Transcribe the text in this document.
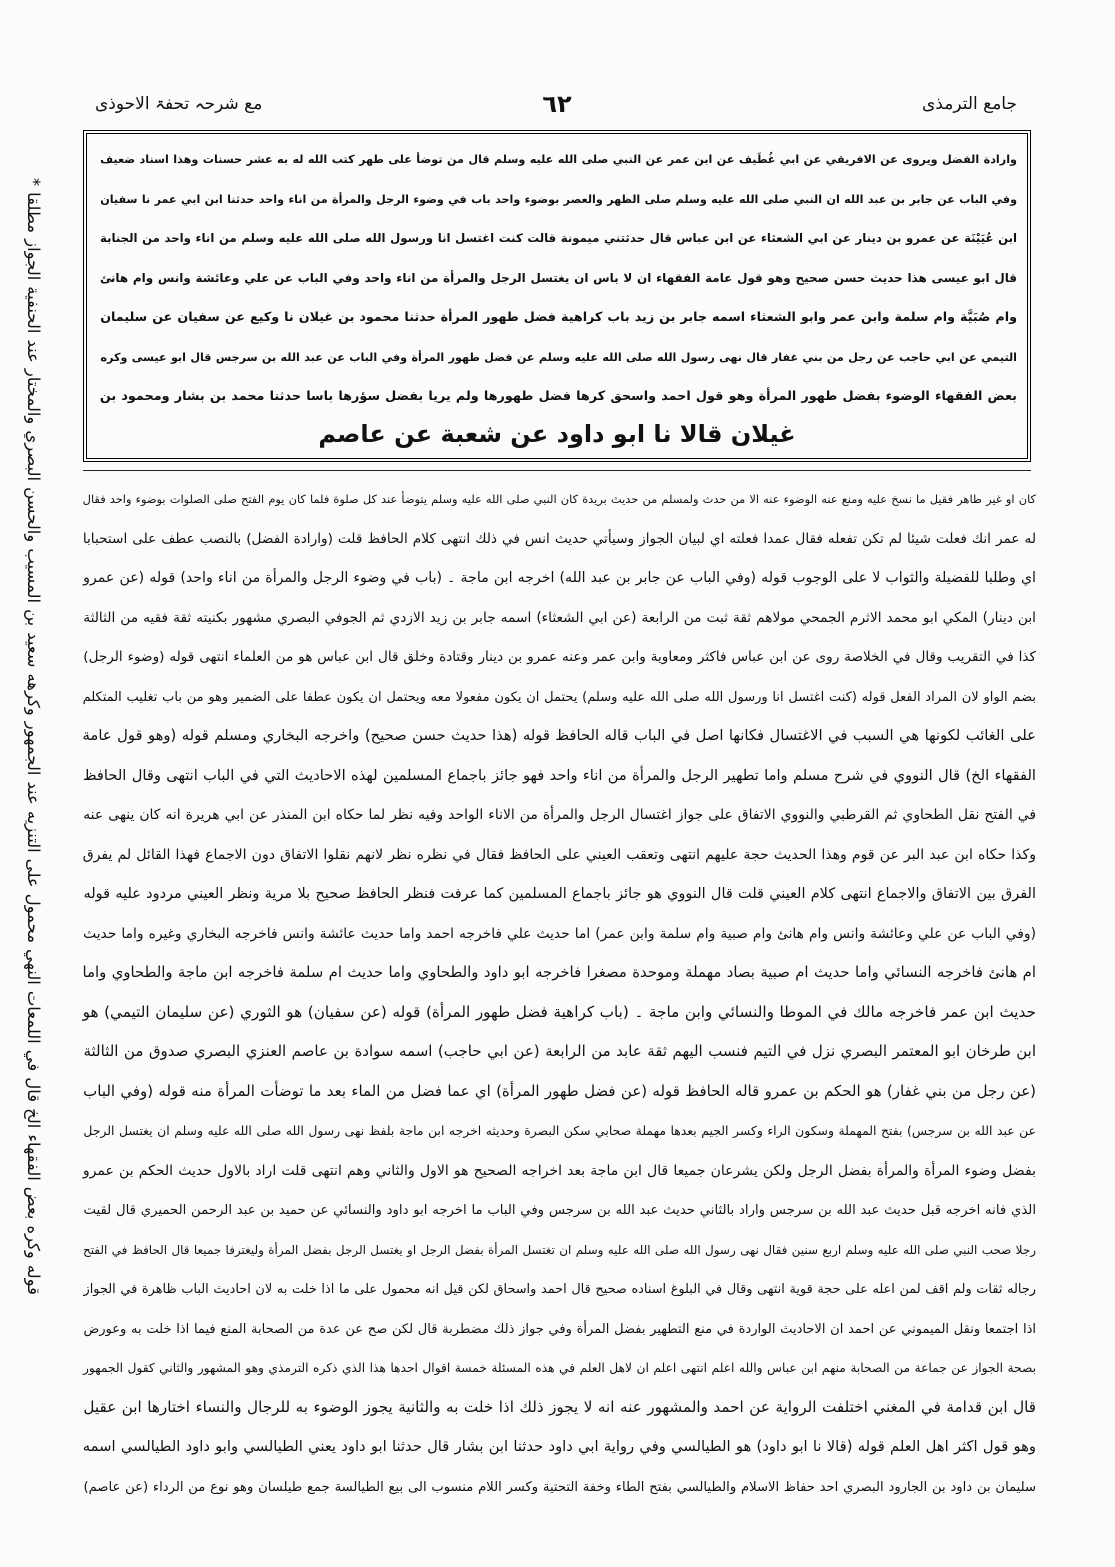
جامع الترمذی
٦٢
مع شرحہ تحفۃ الاحوذی
وارادة الفضل ويروى عن الافريقي عن ابي غُطَيف عن ابن عمر عن النبي صلى الله عليه وسلم قال من توضأ على طهر كتب الله له به عشر حسنات وهذا اسناد ضعيف
وفي الباب عن جابر بن عبد الله ان النبي صلى الله عليه وسلم صلى الظهر والعصر بوضوء واحد باب في وضوء الرجل والمرأة من اناء واحد حدثنا ابن ابي عمر نا سفيان
ابن عُيَيْنَة عن عمرو بن دينار عن ابي الشعثاء عن ابن عباس قال حدثتني ميمونة قالت كنت اغتسل انا ورسول الله صلى الله عليه وسلم من اناء واحد من الجنابة
قال ابو عيسى هذا حديث حسن صحيح وهو قول عامة الفقهاء ان لا باس ان يغتسل الرجل والمرأة من اناء واحد وفي الباب عن علي وعائشة وانس وام هانئ
وام صُبَيَّة وام سلمة وابن عمر وابو الشعثاء اسمه جابر بن زيد باب كراهية فضل طهور المرأة حدثنا محمود بن غيلان نا وكيع عن سفيان عن سليمان
التيمي عن ابي حاجب عن رجل من بني غفار قال نهى رسول الله صلى الله عليه وسلم عن فضل طهور المرأة وفي الباب عن عبد الله بن سرجس قال ابو عيسى وكره
بعض الفقهاء الوضوء بفضل طهور المرأة وهو قول احمد واسحق كرها فضل طهورها ولم يريا بفضل سؤرها باسا حدثنا محمد بن بشار ومحمود بن
غيلان قالا نا ابو داود عن شعبة عن عاصم
كان او غير طاهر فقيل ما نسخ عليه ومنع عنه الوضوء عنه الا من حدث ولمسلم من حديث بريدة كان النبي صلى الله عليه وسلم يتوضأ عند كل صلوة فلما كان يوم الفتح صلى الصلوات بوضوء واحد فقال
له عمر انك فعلت شيئا لم تكن تفعله فقال عمدا فعلته اي لبيان الجواز وسيأتي حديث انس في ذلك انتهى كلام الحافظ قلت (وارادة الفضل) بالنصب عطف على استحبابا
اي وطلبا للفضيلة والثواب لا على الوجوب قوله (وفي الباب عن جابر بن عبد الله) اخرجه ابن ماجة ۔ (باب في وضوء الرجل والمرأة من اناء واحد) قوله (عن عمرو
ابن دينار) المكي ابو محمد الاثرم الجمحي مولاهم ثقة ثبت من الرابعة (عن ابي الشعثاء) اسمه جابر بن زيد الازدي ثم الجوفي البصري مشهور بكنيته ثقة فقيه من الثالثة
كذا في التقريب وقال في الخلاصة روى عن ابن عباس فاكثر ومعاوية وابن عمر وعنه عمرو بن دينار وقتادة وخلق قال ابن عباس هو من العلماء انتهى قوله (وضوء الرجل)
بضم الواو لان المراد الفعل قوله (كنت اغتسل انا ورسول الله صلى الله عليه وسلم) يحتمل ان يكون مفعولا معه ويحتمل ان يكون عطفا على الضمير وهو من باب تغليب المتكلم
على الغائب لكونها هي السبب في الاغتسال فكانها اصل في الباب قاله الحافظ قوله (هذا حديث حسن صحيح) واخرجه البخاري ومسلم قوله (وهو قول عامة
الفقهاء الخ) قال النووي في شرح مسلم واما تطهير الرجل والمرأة من اناء واحد فهو جائز باجماع المسلمين لهذه الاحاديث التي في الباب انتهى وقال الحافظ
في الفتح نقل الطحاوي ثم القرطبي والنووي الاتفاق على جواز اغتسال الرجل والمرأة من الاناء الواحد وفيه نظر لما حكاه ابن المنذر عن ابي هريرة انه كان ينهى عنه
وكذا حكاه ابن عبد البر عن قوم وهذا الحديث حجة عليهم انتهى وتعقب العيني على الحافظ فقال في نظره نظر لانهم نقلوا الاتفاق دون الاجماع فهذا القائل لم يفرق
الفرق بين الاتفاق والاجماع انتهى كلام العيني قلت قال النووي هو جائز باجماع المسلمين كما عرفت فنظر الحافظ صحيح بلا مرية ونظر العيني مردود عليه قوله
(وفي الباب عن علي وعائشة وانس وام هانئ وام صبية وام سلمة وابن عمر) اما حديث علي فاخرجه احمد واما حديث عائشة وانس فاخرجه البخاري وغيره واما حديث
ام هانئ فاخرجه النسائي واما حديث ام صبية بصاد مهملة وموحدة مصغرا فاخرجه ابو داود والطحاوي واما حديث ام سلمة فاخرجه ابن ماجة والطحاوي واما
حديث ابن عمر فاخرجه مالك في الموطا والنسائي وابن ماجة ۔ (باب كراهية فضل طهور المرأة) قوله (عن سفيان) هو الثوري (عن سليمان التيمي) هو
ابن طرخان ابو المعتمر البصري نزل في التيم فنسب اليهم ثقة عابد من الرابعة (عن ابي حاجب) اسمه سوادة بن عاصم العنزي البصري صدوق من الثالثة
(عن رجل من بني غفار) هو الحكم بن عمرو قاله الحافظ قوله (عن فضل طهور المرأة) اي عما فضل من الماء بعد ما توضأت المرأة منه قوله (وفي الباب
عن عبد الله بن سرجس) بفتح المهملة وسكون الراء وكسر الجيم بعدها مهملة صحابي سكن البصرة وحديثه اخرجه ابن ماجة بلفظ نهى رسول الله صلى الله عليه وسلم ان يغتسل الرجل
بفضل وضوء المرأة والمرأة بفضل الرجل ولكن يشرعان جميعا قال ابن ماجة بعد اخراجه الصحيح هو الاول والثاني وهم انتهى قلت اراد بالاول حديث الحكم بن عمرو
الذي فانه اخرجه قبل حديث عبد الله بن سرجس واراد بالثاني حديث عبد الله بن سرجس وفي الباب ما اخرجه ابو داود والنسائي عن حميد بن عبد الرحمن الحميري قال لقيت
رجلا صحب النبي صلى الله عليه وسلم اربع سنين فقال نهى رسول الله صلى الله عليه وسلم ان تغتسل المرأة بفضل الرجل او يغتسل الرجل بفضل المرأة وليغترفا جميعا قال الحافظ في الفتح
رجاله ثقات ولم اقف لمن اعله على حجة قوية انتهى وقال في البلوغ اسناده صحيح قال احمد واسحاق لكن قيل انه محمول على ما اذا خلت به لان احاديث الباب ظاهرة في الجواز
اذا اجتمعا ونقل الميموني عن احمد ان الاحاديث الواردة في منع التطهير بفضل المرأة وفي جواز ذلك مضطربة قال لكن صح عن عدة من الصحابة المنع فيما اذا خلت به وعورض
بصحة الجواز عن جماعة من الصحابة منهم ابن عباس والله اعلم انتهى اعلم ان لاهل العلم في هذه المسئلة خمسة اقوال احدها هذا الذي ذكره الترمذي وهو المشهور والثاني كقول الجمهور
قال ابن قدامة في المغني اختلفت الرواية عن احمد والمشهور عنه انه لا يجوز ذلك اذا خلت به والثانية يجوز الوضوء به للرجال والنساء اختارها ابن عقيل
وهو قول اكثر اهل العلم قوله (قالا نا ابو داود) هو الطيالسي وفي رواية ابي داود حدثنا ابن بشار قال حدثنا ابو داود يعني الطيالسي وابو داود الطيالسي اسمه
سليمان بن داود بن الجارود البصري احد حفاظ الاسلام والطيالسي بفتح الطاء وخفة التحتية وكسر اللام منسوب الى بيع الطيالسة جمع طيلسان وهو نوع من الرداء (عن عاصم)
قوله وكره بعض الفقهاء الخ قال في اللمعات النهي محمول على التنزيه عند الجمهور وكرهه سعيد بن المسيب والحسن البصري والمختار عند الحنفية الجواز مطلقا *
